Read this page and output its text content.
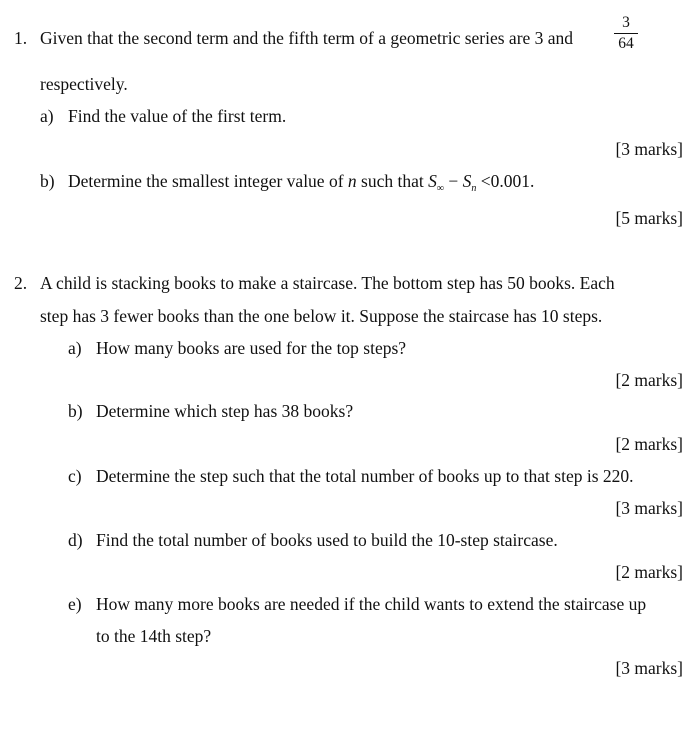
1. Given that the second term and the fifth term of a geometric series are 3 and
3
64
respectively.
a) Find the value of the first term.
[3 marks]
b) Determine the smallest integer value of n such that $S_\infty - S_n <0.001$.
[5 marks]
2. A child is stacking books to make a staircase. The bottom step has 50 books. Each
step has 3 fewer books than the one below it. Suppose the staircase has 10 steps.
a) How many books are used for the top steps?
[2 marks]
b) Determine which step has 38 books?
[2 marks]
c) Determine the step such that the total number of books up to that step is 220.
[3 marks]
d) Find the total number of books used to build the 10-step staircase.
[2 marks]
e) How many more books are needed if the child wants to extend the staircase up
to the 14th step?
[3 marks]
